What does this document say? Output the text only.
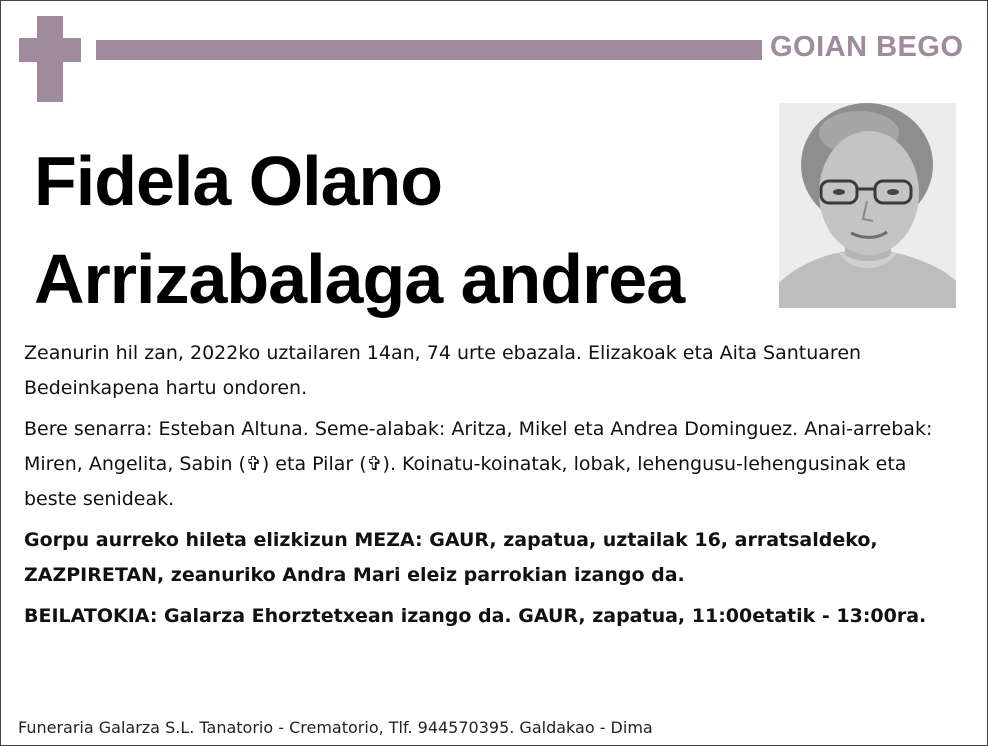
GOIAN BEGO
Fidela Olano
Arrizabalaga andrea

Zeanurin hil zan, 2022ko uztailaren 14an, 74 urte ebazala. Elizakoak eta Aita Santuaren Bedeinkapena hartu ondoren.

Bere senarra: Esteban Altuna. Seme-alabak: Aritza, Mikel eta Andrea Dominguez. Anai-arrebak: Miren, Angelita, Sabin (✞) eta Pilar (✞). Koinatu-koinatak, lobak, lehengusu-lehengusinak eta beste senideak.

Gorpu aurreko hileta elizkizun MEZA: GAUR, zapatua, uztailak 16, arratsaldeko, ZAZPIRETAN, zeanuriko Andra Mari eleiz parrokian izango da.

BEILATOKIA: Galarza Ehorztetxean izango da. GAUR, zapatua, 11:00etatik - 13:00ra.

Funeraria Galarza S.L. Tanatorio - Crematorio, Tlf. 944570395. Galdakao - Dima
